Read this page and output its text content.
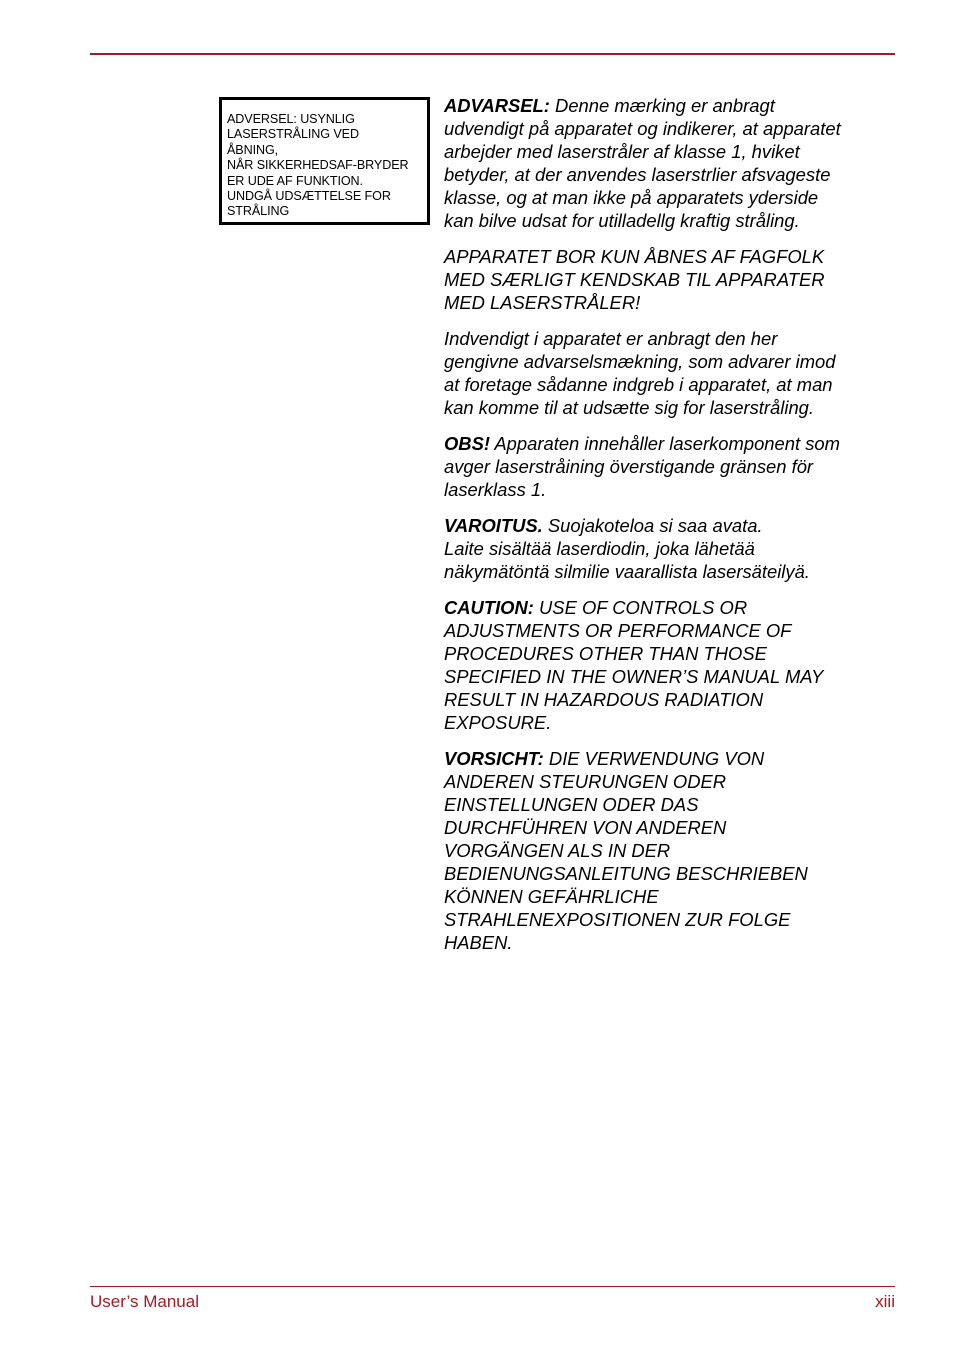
ADVERSEL: USYNLIG
LASERSTRÅLING VED
ÅBNING,
NÅR SIKKERHEDSAF-BRYDER
ER UDE AF FUNKTION.
UNDGÅ UDSÆTTELSE FOR
STRÅLING

ADVARSEL: Denne mærking er anbragt
udvendigt på apparatet og indikerer, at apparatet
arbejder med laserstråler af klasse 1, hviket
betyder, at der anvendes laserstrlier afsvageste
klasse, og at man ikke på apparatets yderside
kan bilve udsat for utilladellg kraftig stråling.

APPARATET BOR KUN ÅBNES AF FAGFOLK
MED SÆRLIGT KENDSKAB TIL APPARATER
MED LASERSTRÅLER!

Indvendigt i apparatet er anbragt den her
gengivne advarselsmækning, som advarer imod
at foretage sådanne indgreb i apparatet, at man
kan komme til at udsætte sig for laserstråling.

OBS! Apparaten innehåller laserkomponent som
avger laserstråining överstigande gränsen för
laserklass 1.

VAROITUS. Suojakoteloa si saa avata.
Laite sisältää laserdiodin, joka lähetää
näkymätöntä silmilie vaarallista lasersäteilyä.

CAUTION: USE OF CONTROLS OR
ADJUSTMENTS OR PERFORMANCE OF
PROCEDURES OTHER THAN THOSE
SPECIFIED IN THE OWNER’S MANUAL MAY
RESULT IN HAZARDOUS RADIATION
EXPOSURE.

VORSICHT: DIE VERWENDUNG VON
ANDEREN STEURUNGEN ODER
EINSTELLUNGEN ODER DAS
DURCHFÜHREN VON ANDEREN
VORGÄNGEN ALS IN DER
BEDIENUNGSANLEITUNG BESCHRIEBEN
KÖNNEN GEFÄHRLICHE
STRAHLENEXPOSITIONEN ZUR FOLGE
HABEN.

User’s Manual	xiii
